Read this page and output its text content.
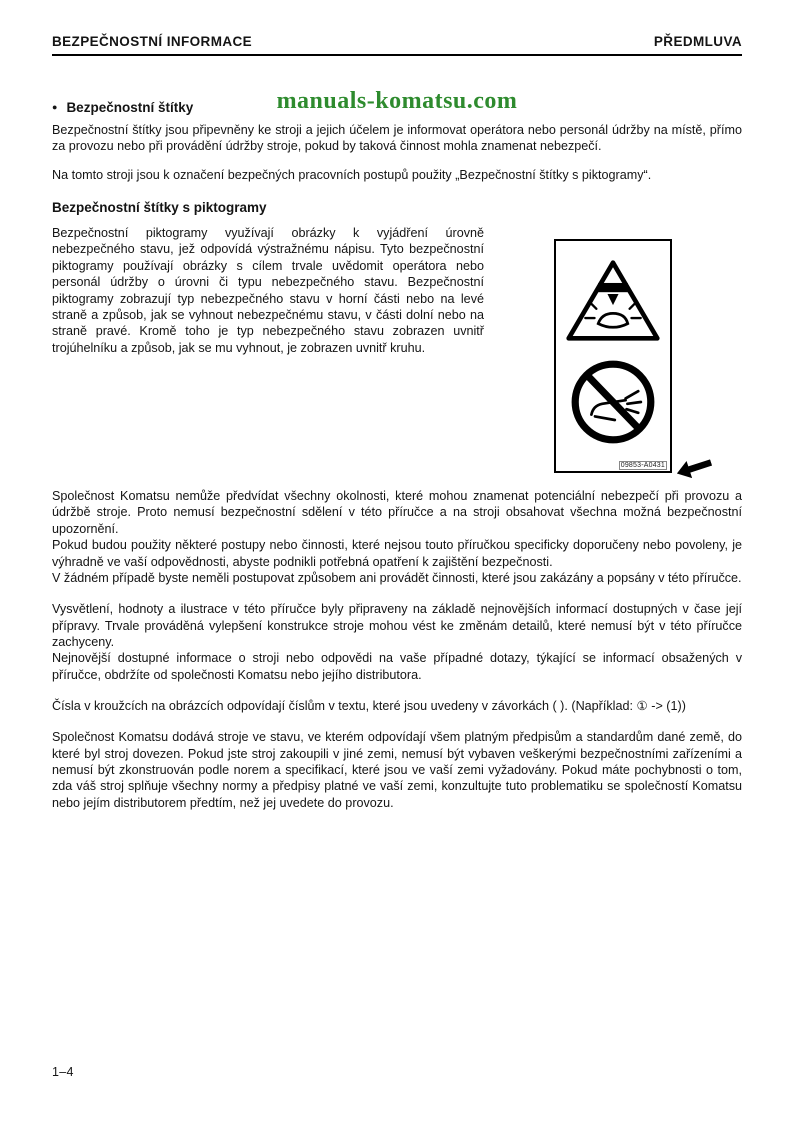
BEZPEČNOSTNÍ INFORMACE	PŘEDMLUVA
manuals-komatsu.com
● Bezpečnostní štítky

Bezpečnostní štítky jsou připevněny ke stroji a jejich účelem je informovat operátora nebo personál údržby na místě, přímo za provozu nebo při provádění údržby stroje, pokud by taková činnost mohla znamenat nebezpečí.

Na tomto stroji jsou k označení bezpečných pracovních postupů použity „Bezpečnostní štítky s piktogramy“.

Bezpečnostní štítky s piktogramy

Bezpečnostní piktogramy využívají obrázky k vyjádření úrovně nebezpečného stavu, jež odpovídá výstražnému nápisu. Tyto bezpečnostní piktogramy používají obrázky s cílem trvale uvědomit operátora nebo personál údržby o úrovni či typu nebezpečného stavu. Bezpečnostní piktogramy zobrazují typ nebezpečného stavu v horní části nebo na levé straně a způsob, jak se vyhnout nebezpečnému stavu, v části dolní nebo na straně pravé. Kromě toho je typ nebezpečného stavu zobrazen uvnitř trojúhelníku a způsob, jak se mu vyhnout, je zobrazen uvnitř kruhu.

09853-A0431

Společnost Komatsu nemůže předvídat všechny okolnosti, které mohou znamenat potenciální nebezpečí při provozu a údržbě stroje. Proto nemusí bezpečnostní sdělení v této příručce a na stroji obsahovat všechna možná bezpečnostní upozornění.

Pokud budou použity některé postupy nebo činnosti, které nejsou touto příručkou specificky doporučeny nebo povoleny, je výhradně ve vaší odpovědnosti, abyste podnikli potřebná opatření k zajištění bezpečnosti.

V žádném případě byste neměli postupovat způsobem ani provádět činnosti, které jsou zakázány a popsány v této příručce.

Vysvětlení, hodnoty a ilustrace v této příručce byly připraveny na základě nejnovějších informací dostupných v čase její přípravy. Trvale prováděná vylepšení konstrukce stroje mohou vést ke změnám detailů, které nemusí být v této příručce zachyceny.

Nejnovější dostupné informace o stroji nebo odpovědi na vaše případné dotazy, týkající se informací obsažených v příručce, obdržíte od společnosti Komatsu nebo jejího distributora.

Čísla v kroužcích na obrázcích odpovídají číslům v textu, které jsou uvedeny v závorkách ( ). (Například: ① -> (1))

Společnost Komatsu dodává stroje ve stavu, ve kterém odpovídají všem platným předpisům a standardům dané země, do které byl stroj dovezen. Pokud jste stroj zakoupili v jiné zemi, nemusí být vybaven veškerými bezpečnostními zařízeními a nemusí být zkonstruován podle norem a specifikací, které jsou ve vaší zemi vyžadovány. Pokud máte pochybnosti o tom, zda váš stroj splňuje všechny normy a předpisy platné ve vaší zemi, konzultujte tuto problematiku se společností Komatsu nebo jejím distributorem předtím, než jej uvedete do provozu.

1–4
